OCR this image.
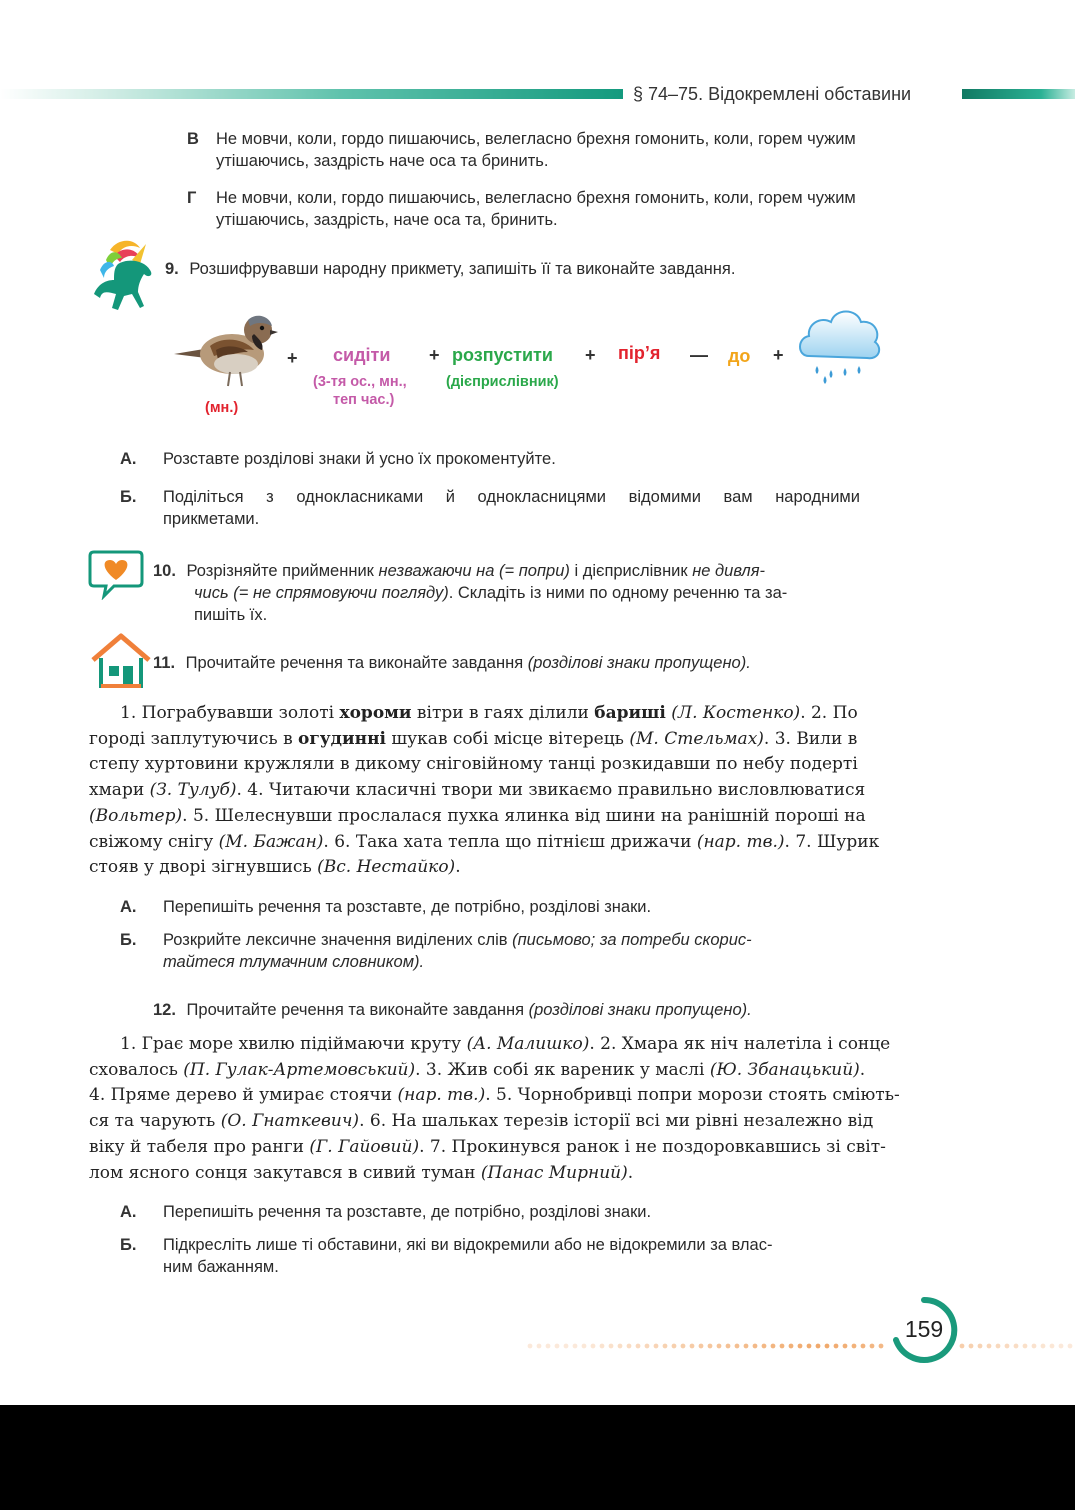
§ 74–75. Відокремлені обставини
В Не мовчи, коли, гордо пишаючись, велегласно брехня гомонить, коли, горем чужим утішаючись, заздрість наче оса та бринить.
Г Не мовчи, коли, гордо пишаючись, велегласно брехня гомонить, коли, горем чужим утішаючись, заздрість, наче оса та, бринить.
9. Розшифрувавши народну прикмету, запишіть її та виконайте завдання.
(мн.)
+ сидіти
(3-тя ос., мн.,
теп час.)
+ розпустити
(дієприслівник)
+ пір’я — до +
А. Розставте розділові знаки й усно їх прокоментуйте.
Б. Поділіться з однокласниками й однокласницями відомими вам народними
прикметами.
10. Розрізняйте прийменник незважаючи на (= попри) і дієприслівник не дивля-
чись (= не спрямовуючи погляду). Складіть із ними по одному реченню та за-
пишіть їх.
11. Прочитайте речення та виконайте завдання (розділові знаки пропущено).

1. Пограбувавши золоті хороми вітри в гаях ділили бариші (Л. Костенко). 2. По

городі заплутуючись в огудинні шукав собі місце вітерець (М. Стельмах). 3. Вили в

степу хуртовини кружляли в дикому сніговійному танці розкидавши по небу подерті

хмари (З. Тулуб). 4. Читаючи класичні твори ми звикаємо правильно висловлюватися

(Вольтер). 5. Шелеснувши прослалася пухка ялинка від шини на ранішній пороші на

свіжому снігу (М. Бажан). 6. Така хата тепла що пітнієш дрижачи (нар. тв.). 7. Шурик

стояв у дворі зігнувшись (Вс. Нестайко).

А. Перепишіть речення та розставте, де потрібно, розділові знаки.
Б. Розкрийте лексичне значення виділених слів (письмово; за потреби скорис-
тайтеся тлумачним словником).
12. Прочитайте речення та виконайте завдання (розділові знаки пропущено).

1. Грає море хвилю підіймаючи круту (А. Малишко). 2. Хмара як ніч налетіла і сонце

сховалось (П. Гулак-Артемовський). 3. Жив собі як вареник у маслі (Ю. Збанацький).

4. Пряме дерево й умирає стоячи (нар. тв.). 5. Чорнобривці попри морози стоять сміють-

ся та чарують (О. Гнаткевич). 6. На шальках терезів історії всі ми рівні незалежно від

віку й табеля про ранги (Г. Гайовий). 7. Прокинувся ранок і не поздоровкавшись зі світ-

лом ясного сонця закутався в сивий туман (Панас Мирний).

А. Перепишіть речення та розставте, де потрібно, розділові знаки.
Б. Підкресліть лише ті обставини, які ви відокремили або не відокремили за влас-
ним бажанням.
159
